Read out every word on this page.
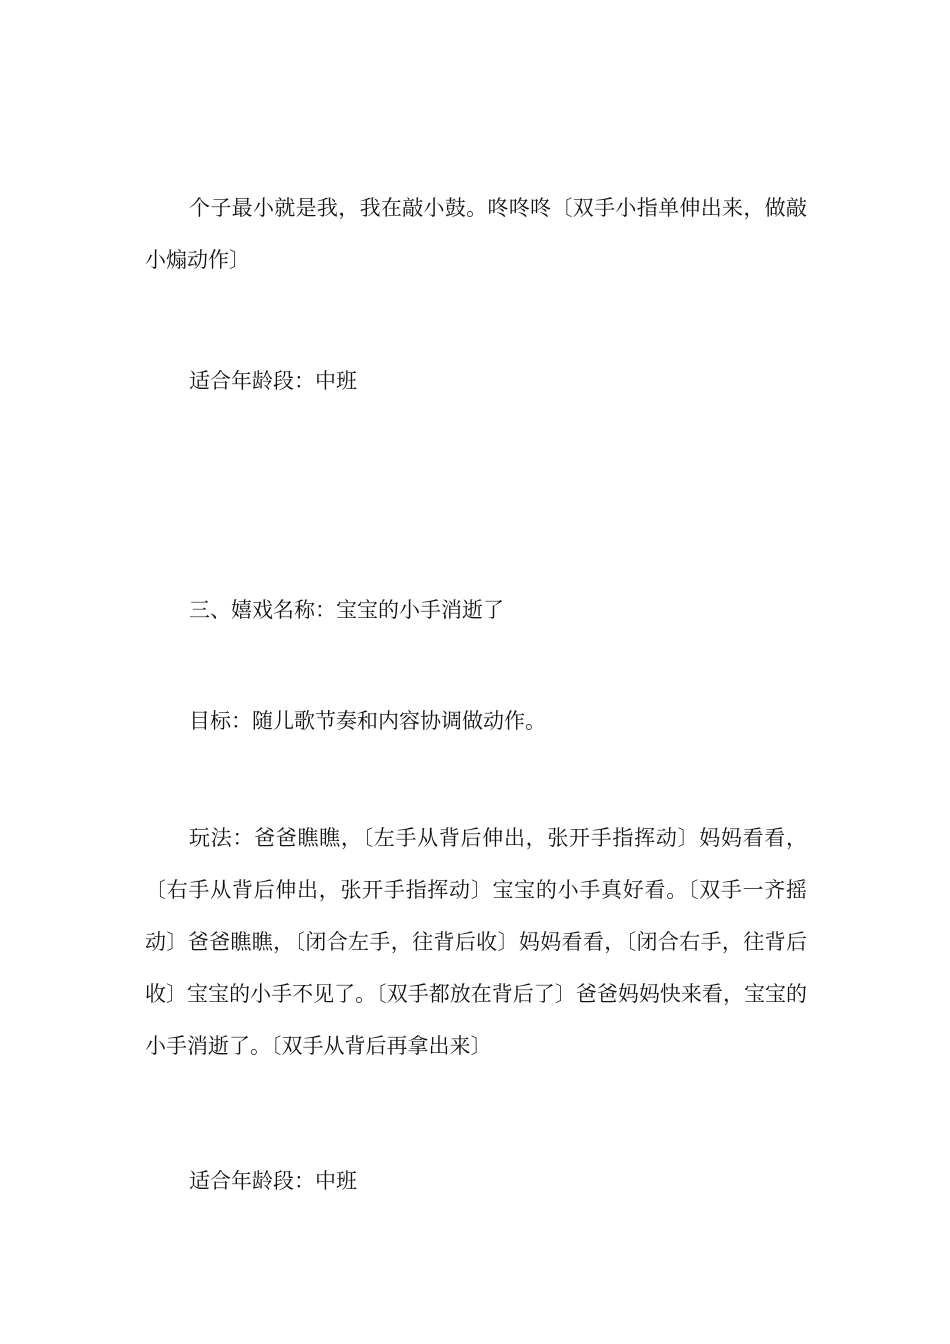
个子最小就是我，我在敲小鼓。咚咚咚〔双手小指单伸出来，做敲小煽动作〕

适合年龄段：中班

三、嬉戏名称：宝宝的小手消逝了

目标：随儿歌节奏和内容协调做动作。

玩法：爸爸瞧瞧，〔左手从背后伸出，张开手指挥动〕妈妈看看，〔右手从背后伸出，张开手指挥动〕宝宝的小手真好看。〔双手一齐摇动〕爸爸瞧瞧，〔闭合左手，往背后收〕妈妈看看，〔闭合右手，往背后收〕宝宝的小手不见了。〔双手都放在背后了〕爸爸妈妈快来看，宝宝的小手消逝了。〔双手从背后再拿出来〕

适合年龄段：中班
